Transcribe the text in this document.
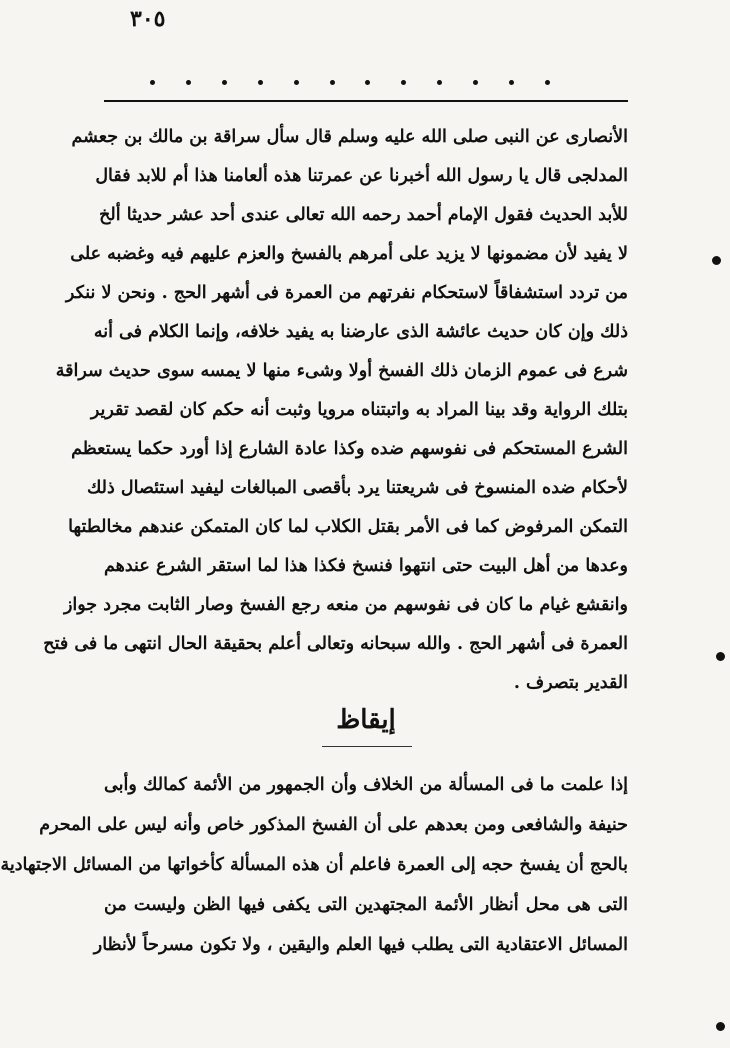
٣٠٥
الأنصارى عن النبى صلى الله عليه وسلم قال سأل سراقة بن مالك بن جعشم
المدلجى قال يا رسول الله أخبرنا عن عمرتنا هذه ألعامنا هذا أم للابد فقال
للأبد الحديث فقول الإمام أحمد رحمه الله تعالى عندى أحد عشر حديثا ألخ
لا يفيد لأن مضمونها لا يزيد على أمرهم بالفسخ والعزم عليهم فيه وغضبه على
من تردد استشفاقاً لاستحكام نفرتهم من العمرة فى أشهر الحج . ونحن لا ننكر
ذلك وإن كان حديث عائشة الذى عارضنا به يفيد خلافه، وإنما الكلام فى أنه
شرع فى عموم الزمان ذلك الفسخ أولا وشىء منها لا يمسه سوى حديث سراقة
بتلك الرواية وقد بينا المراد به واتبتناه مرويا وثبت أنه حكم كان لقصد تقرير
الشرع المستحكم فى نفوسهم ضده وكذا عادة الشارع إذا أورد حكما يستعظم
لأحكام ضده المنسوخ فى شريعتنا يرد بأقصى المبالغات ليفيد استئصال ذلك
التمكن المرفوض كما فى الأمر بقتل الكلاب لما كان المتمكن عندهم مخالطتها
وعدها من أهل البيت حتى انتهوا فنسخ فكذا هذا لما استقر الشرع عندهم
وانقشع غيام ما كان فى نفوسهم من منعه رجع الفسخ وصار الثابت مجرد جواز
العمرة فى أشهر الحج . والله سبحانه وتعالى أعلم بحقيقة الحال انتهى ما فى فتح
القدير بتصرف .
إيقاظ
إذا علمت ما فى المسألة من الخلاف وأن الجمهور من الأئمة كمالك وأبى
حنيفة والشافعى ومن بعدهم على أن الفسخ المذكور خاص وأنه ليس على المحرم
بالحج أن يفسخ حجه إلى العمرة فاعلم أن هذه المسألة كأخواتها من المسائل الاجتهادية
التى هى محل أنظار الأئمة المجتهدين التى يكفى فيها الظن وليست من
المسائل الاعتقادية التى يطلب فيها العلم واليقين ، ولا تكون مسرحاً لأنظار
